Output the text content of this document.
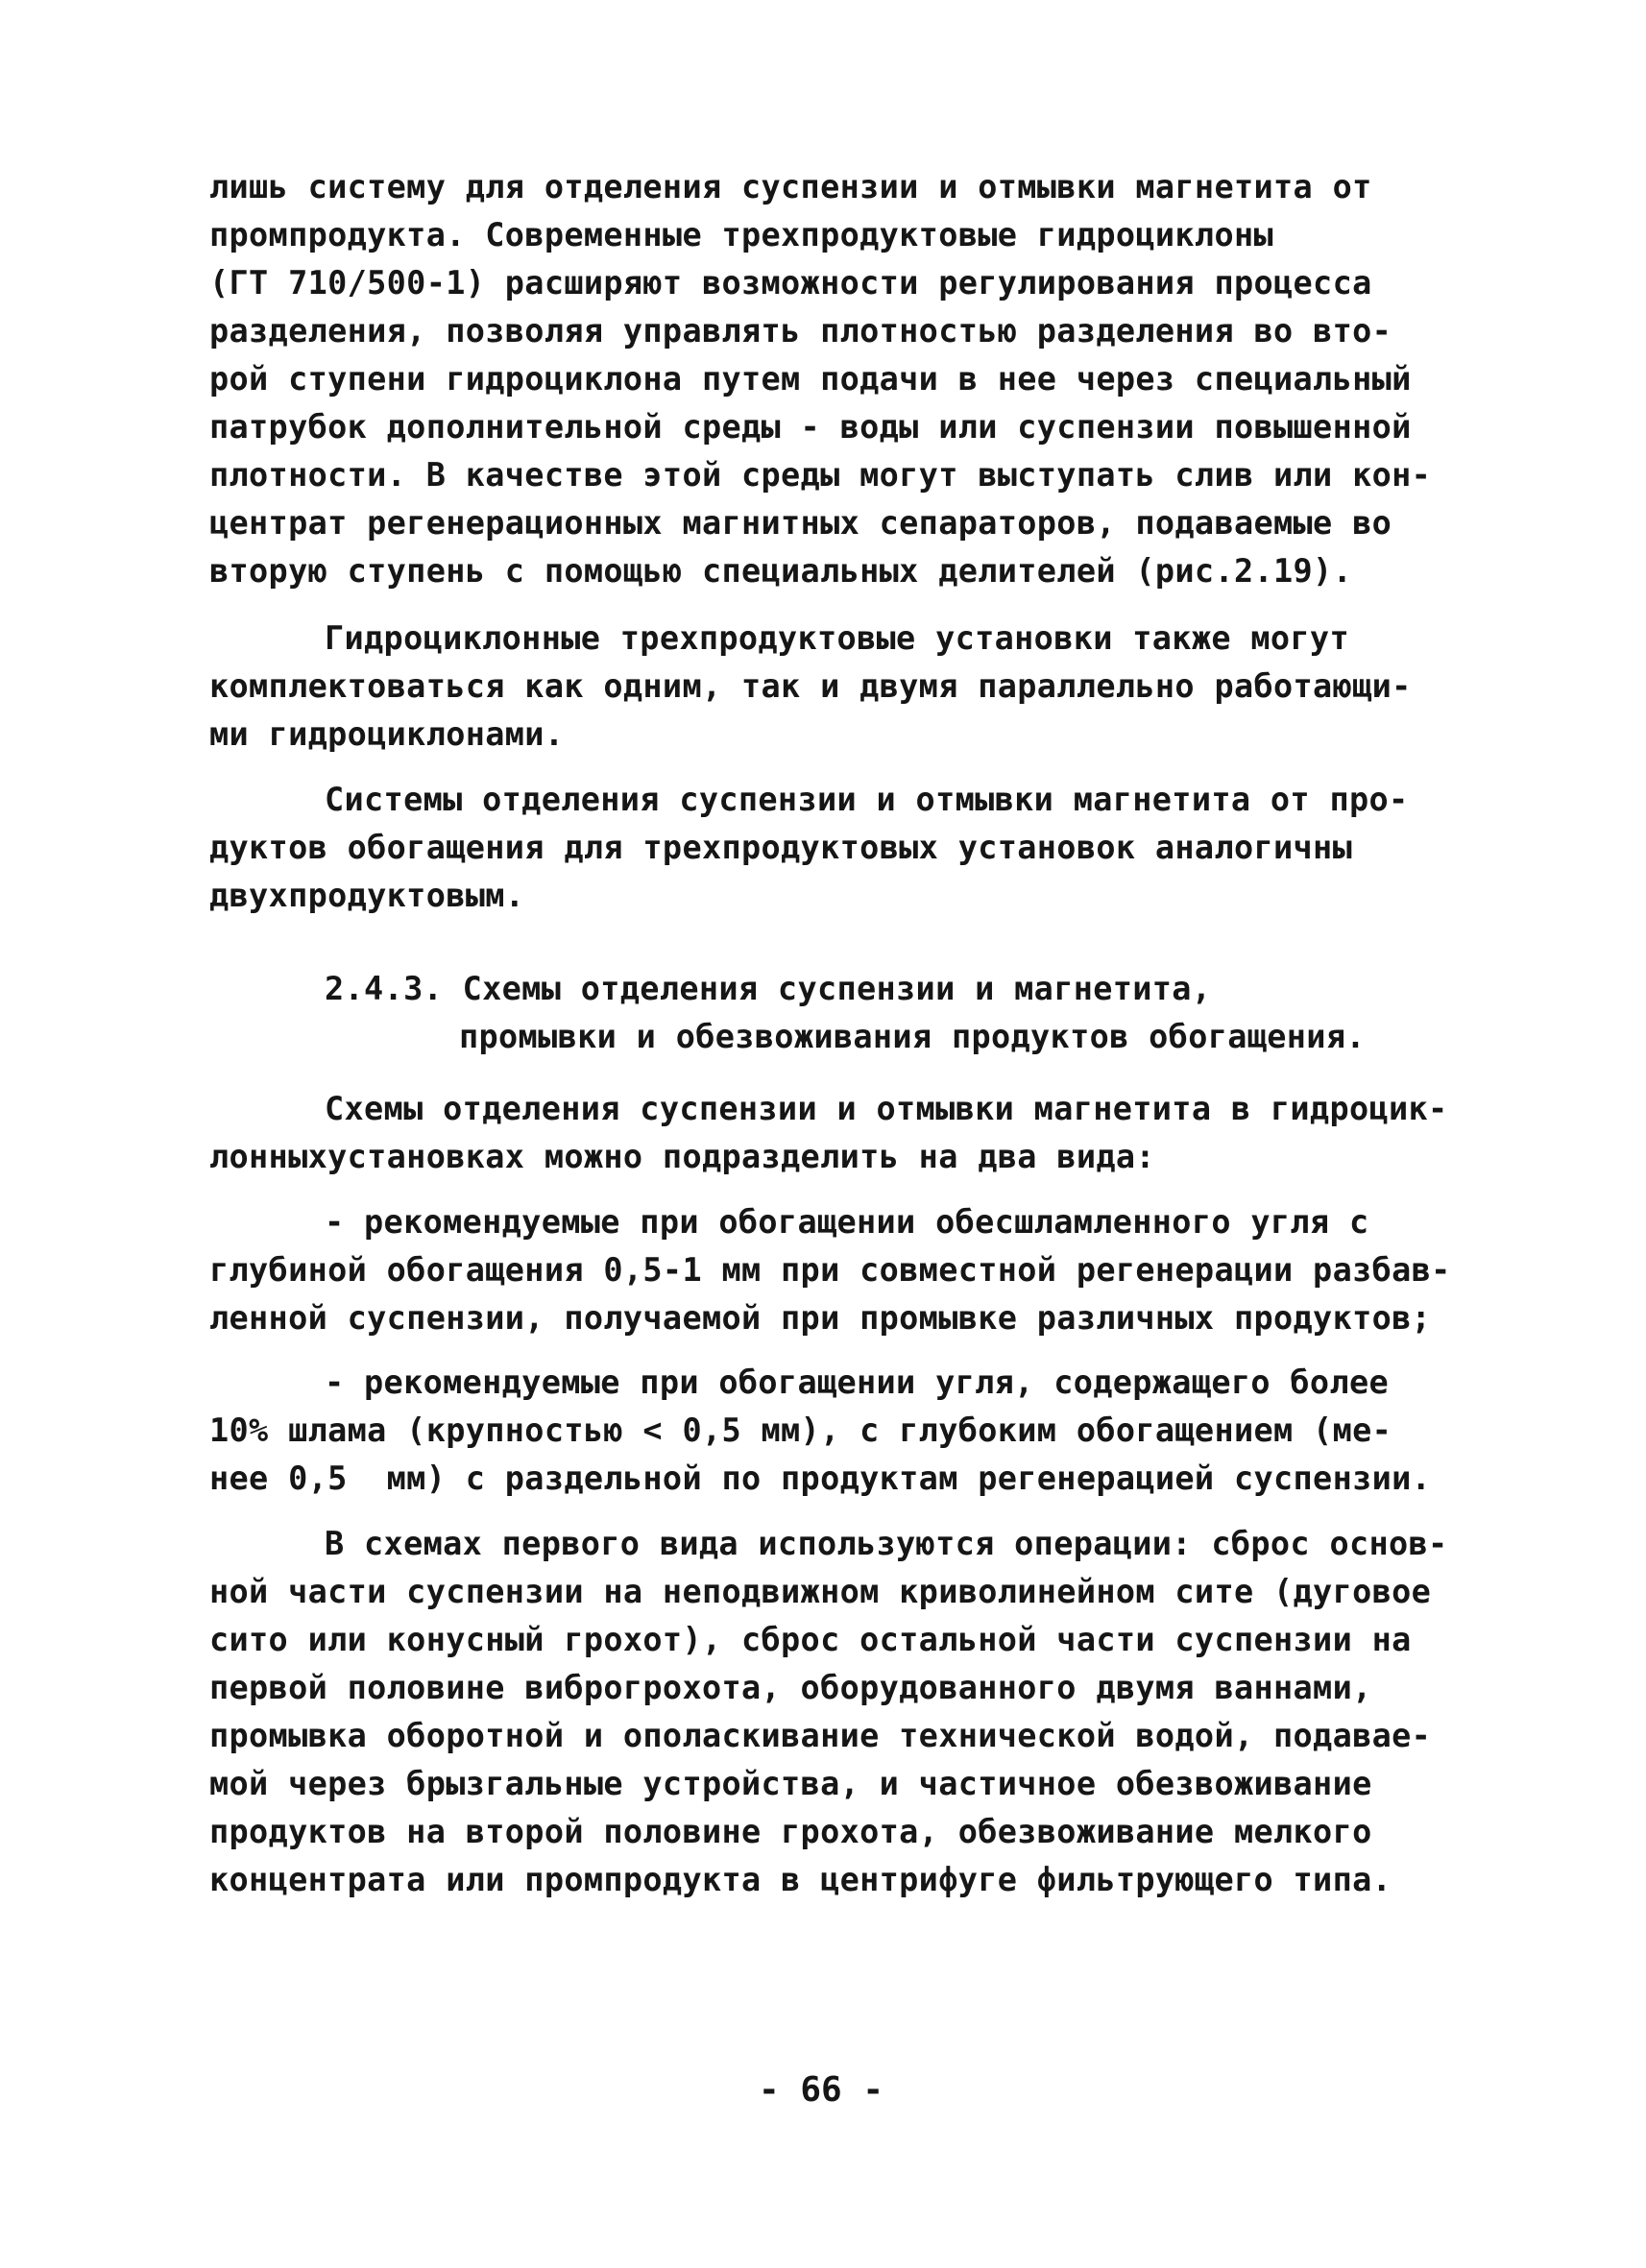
лишь систему для отделения суспензии и отмывки магнетита от
промпродукта. Современные трехпродуктовые гидроциклоны
(ГТ 710/500-1) расширяют возможности регулирования процесса
разделения, позволяя управлять плотностью разделения во вто-
рой ступени гидроциклона путем подачи в нее через специальный
патрубок дополнительной среды - воды или суспензии повышенной
плотности. В качестве этой среды могут выступать слив или кон-
центрат регенерационных магнитных сепараторов, подаваемые во
вторую ступень с помощью специальных делителей (рис.2.19).
Гидроциклонные трехпродуктовые установки также могут
комплектоваться как одним, так и двумя параллельно работающи-
ми гидроциклонами.
Системы отделения суспензии и отмывки магнетита от про-
дуктов обогащения для трехпродуктовых установок аналогичны
двухпродуктовым.
2.4.3. Схемы отделения суспензии и магнетита,
промывки и обезвоживания продуктов обогащения.
Схемы отделения суспензии и отмывки магнетита в гидроцик-
лонныхустановках можно подразделить на два вида:
- рекомендуемые при обогащении обесшламленного угля с
глубиной обогащения 0,5-1 мм при совместной регенерации разбав-
ленной суспензии, получаемой при промывке различных продуктов;
- рекомендуемые при обогащении угля, содержащего более
10% шлама (крупностью < 0,5 мм), с глубоким обогащением (ме-
нее 0,5  мм) с раздельной по продуктам регенерацией суспензии.
В схемах первого вида используются операции: сброс основ-
ной части суспензии на неподвижном криволинейном сите (дуговое
сито или конусный грохот), сброс остальной части суспензии на
первой половине виброгрохота, оборудованного двумя ваннами,
промывка оборотной и ополаскивание технической водой, подавае-
мой через брызгальные устройства, и частичное обезвоживание
продуктов на второй половине грохота, обезвоживание мелкого
концентрата или промпродукта в центрифуге фильтрующего типа.
- 66 -
